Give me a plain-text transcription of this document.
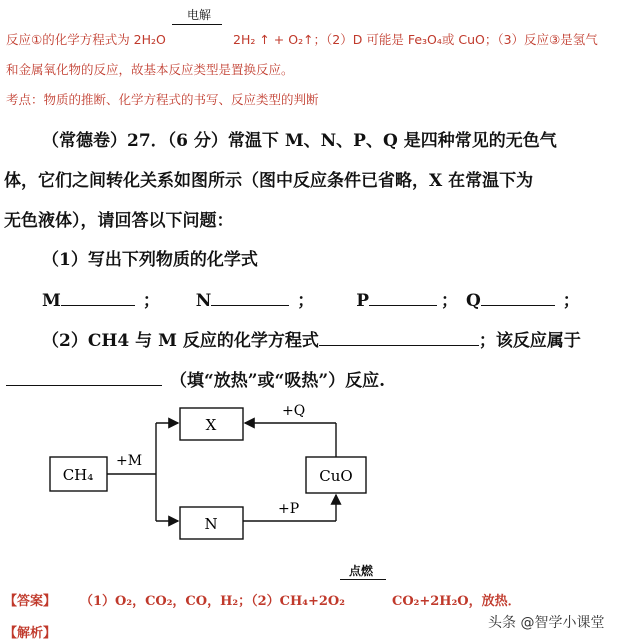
电解
反应①的化学方程式为 2H₂O	2H₂ ↑ + O₂↑；（2）D 可能是 Fe₃O₄或 CuO；（3）反应③是氢气
和金属氧化物的反应，故基本反应类型是置换反应。
考点：物质的推断、化学方程式的书写、反应类型的判断
（常德卷）27．（6 分）常温下 M、N、P、Q 是四种常见的无色气
体，它们之间转化关系如图所示（图中反应条件已省略，X 在常温下为
无色液体），请回答以下问题：
（1）写出下列物质的化学式
M	； N	； P	； Q	；
（2）CH4 与 M 反应的化学方程式	；该反应属于
（填“放热”或“吸热”）反应.
CH₄
+M
X
N
CuO
+Q
+P
点燃
【答案】 （1）O₂，CO₂，CO，H₂；（2）CH₄+2O₂	CO₂+2H₂O，放热．
【解析】
头条 @智学小课堂
